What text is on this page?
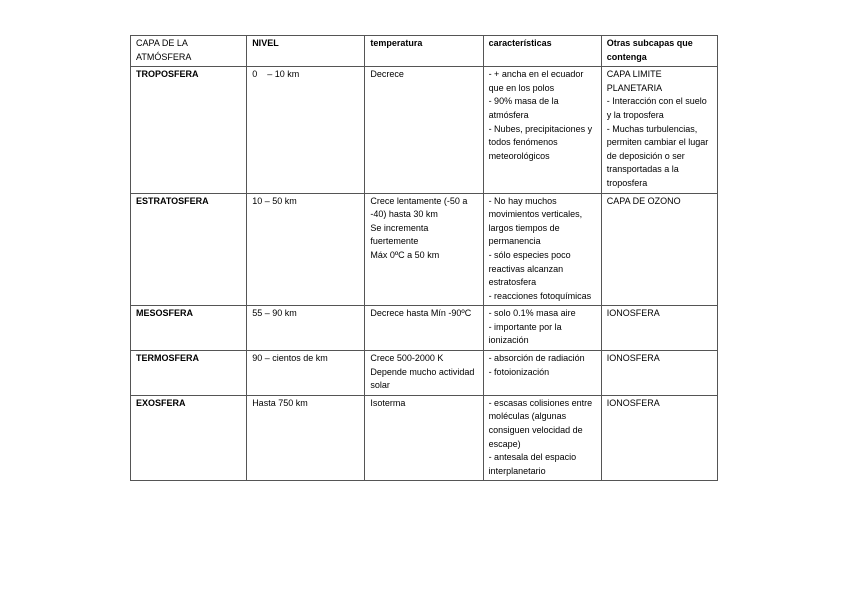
CAPA DE LA ATMÓSFERA	NIVEL	temperatura	características	Otras subcapas que contenga
TROPOSFERA	0    – 10 km	Decrece	- + ancha en el ecuador que en los polos
- 90% masa de la atmósfera
- Nubes, precipitaciones y todos fenómenos meteorológicos	CAPA LIMITE PLANETARIA
- Interacción con el suelo y la troposfera
- Muchas turbulencias, permiten cambiar el lugar de deposición o ser transportadas a la troposfera

ESTRATOSFERA	10 – 50 km	Crece lentamente (-50 a -40) hasta 30 km
Se incrementa fuertemente
Máx 0ºC a 50 km	- No hay muchos movimientos verticales, largos tiempos de permanencia
- sólo especies poco reactivas alcanzan estratosfera
- reacciones fotoquímicas	CAPA DE OZONO

MESOSFERA	55 – 90 km	Decrece hasta Mín -90ºC	- solo 0.1% masa aire
- importante por la ionización	IONOSFERA

TERMOSFERA	90 – cientos de km	Crece 500-2000 K
Depende mucho actividad solar	- absorción de radiación
- fotoionización	IONOSFERA

EXOSFERA	Hasta 750 km	Isoterma	- escasas colisiones entre moléculas (algunas consiguen velocidad de escape)
- antesala del espacio interplanetario	IONOSFERA
